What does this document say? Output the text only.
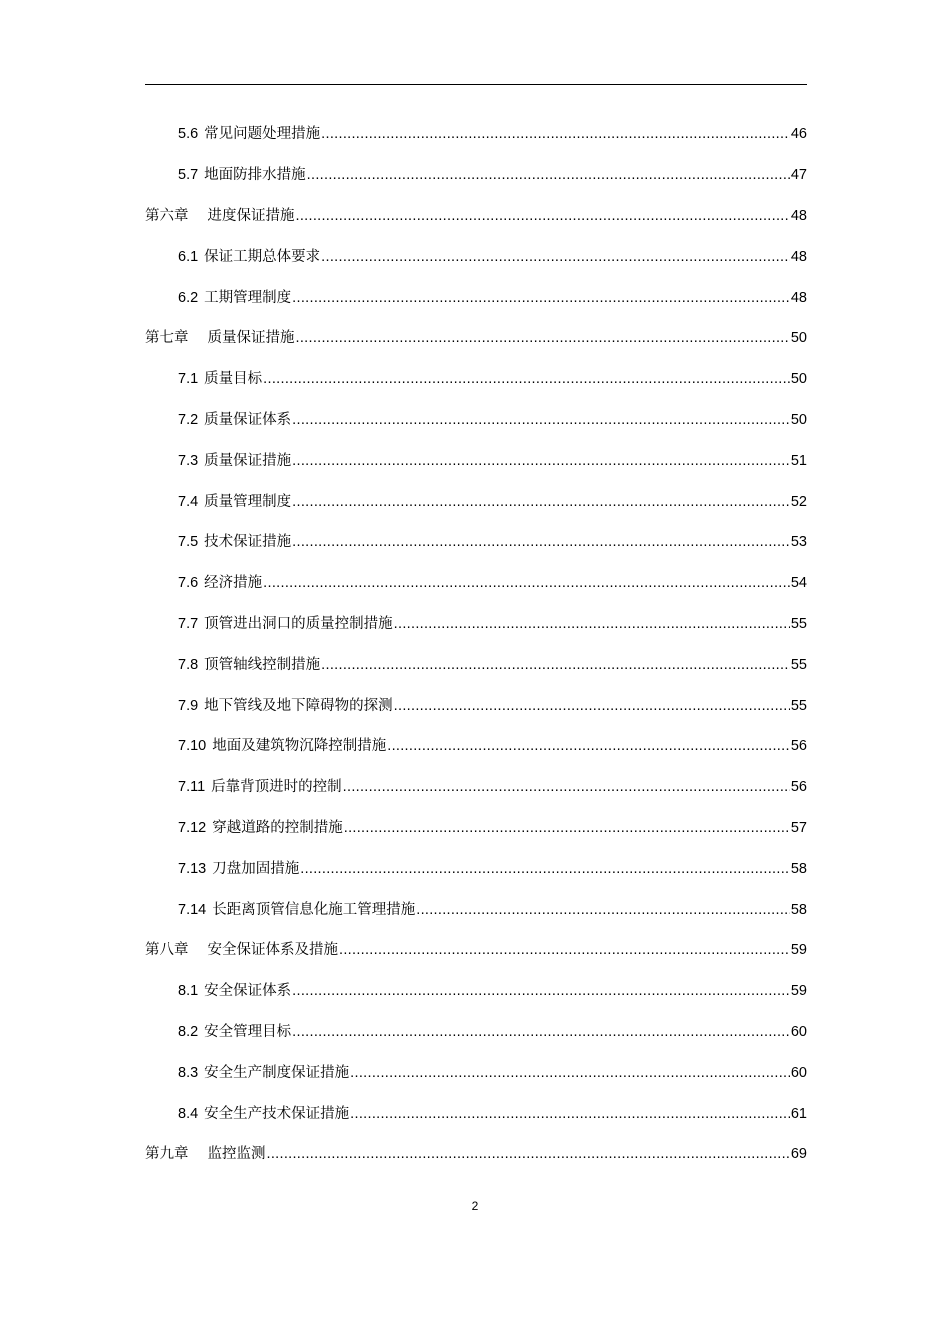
5.6 常见问题处理措施 .....	46
5.7 地面防排水措施 .....	47
第六章 进度保证措施 .....	48
6.1 保证工期总体要求 .....	48
6.2 工期管理制度 .....	48
第七章 质量保证措施 .....	50
7.1 质量目标 .....	50
7.2 质量保证体系 .....	50
7.3 质量保证措施 .....	51
7.4 质量管理制度 .....	52
7.5 技术保证措施 .....	53
7.6 经济措施 .....	54
7.7 顶管进出洞口的质量控制措施 .....	55
7.8 顶管轴线控制措施 .....	55
7.9 地下管线及地下障碍物的探测 .....	55
7.10 地面及建筑物沉降控制措施 .....	56
7.11 后靠背顶进时的控制 .....	56
7.12 穿越道路的控制措施 .....	57
7.13 刀盘加固措施 .....	58
7.14 长距离顶管信息化施工管理措施 .....	58
第八章 安全保证体系及措施 .....	59
8.1 安全保证体系 .....	59
8.2 安全管理目标 .....	60
8.3 安全生产制度保证措施 .....	60
8.4 安全生产技术保证措施 .....	61
第九章 监控监测 .....	69
2
